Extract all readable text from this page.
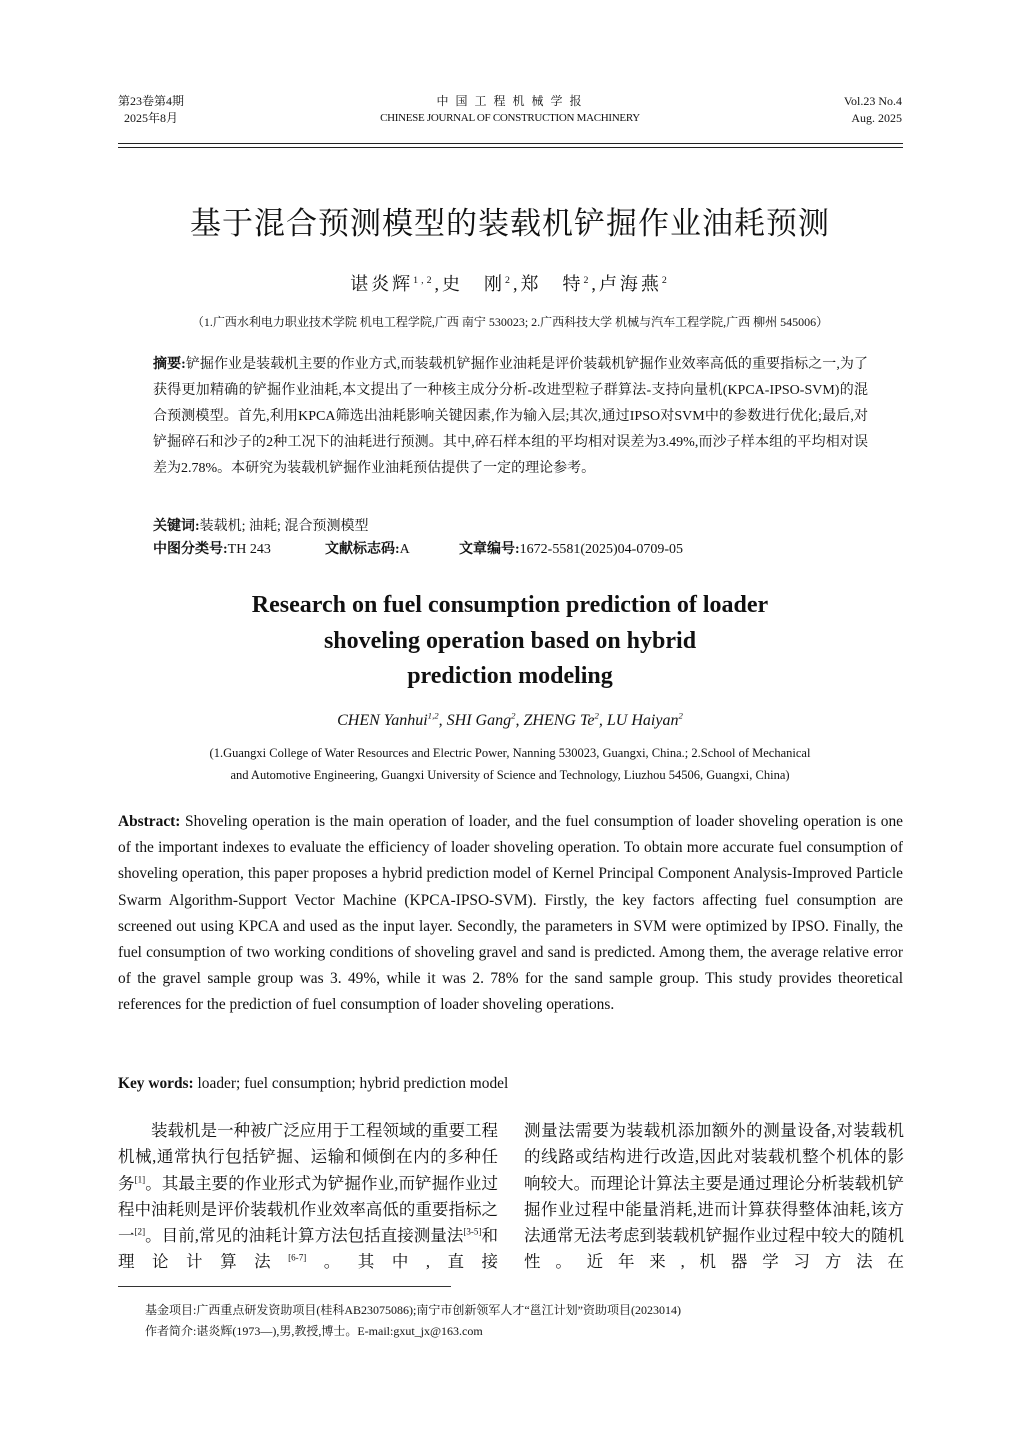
第23卷第4期
2025年8月
中 国 工 程 机 械 学 报
CHINESE JOURNAL OF CONSTRUCTION MACHINERY
Vol.23 No.4
Aug. 2025
基于混合预测模型的装载机铲掘作业油耗预测
谌炎辉$^{1,2}$,史　刚$^2$,郑　特$^2$,卢海燕$^2$
（1.广西水利电力职业技术学院 机电工程学院,广西 南宁 530023; 2.广西科技大学 机械与汽车工程学院,广西 柳州 545006）
摘要:铲掘作业是装载机主要的作业方式,而装载机铲掘作业油耗是评价装载机铲掘作业效率高低的重要指标之一,为了获得更加精确的铲掘作业油耗,本文提出了一种核主成分分析-改进型粒子群算法-支持向量机(KPCA-IPSO-SVM)的混合预测模型。首先,利用KPCA筛选出油耗影响关键因素,作为输入层;其次,通过IPSO对SVM中的参数进行优化;最后,对铲掘碎石和沙子的2种工况下的油耗进行预测。其中,碎石样本组的平均相对误差为3.49%,而沙子样本组的平均相对误差为2.78%。本研究为装载机铲掘作业油耗预估提供了一定的理论参考。
关键词:装载机; 油耗; 混合预测模型
中图分类号:TH 243	文献标志码:A	文章编号:1672-5581(2025)04-0709-05
Research on fuel consumption prediction of loader
shoveling operation based on hybrid
prediction modeling
CHEN Yanhui$^{1,2}$, SHI Gang$^2$, ZHENG Te$^2$, LU Haiyan$^2$
(1.Guangxi College of Water Resources and Electric Power, Nanning 530023, Guangxi, China.; 2.School of Mechanical
and Automotive Engineering, Guangxi University of Science and Technology, Liuzhou 54506, Guangxi, China)
Abstract: Shoveling operation is the main operation of loader, and the fuel consumption of loader shoveling operation is one of the important indexes to evaluate the efficiency of loader shoveling operation. To obtain more accurate fuel consumption of shoveling operation, this paper proposes a hybrid prediction model of Kernel Principal Component Analysis-Improved Particle Swarm Algorithm-Support Vector Machine (KPCA-IPSO-SVM). Firstly, the key factors affecting fuel consumption are screened out using KPCA and used as the input layer. Secondly, the parameters in SVM were optimized by IPSO. Finally, the fuel consumption of two working conditions of shoveling gravel and sand is predicted. Among them, the average relative error of the gravel sample group was 3. 49%, while it was 2. 78% for the sand sample group. This study provides theoretical references for the prediction of fuel consumption of loader shoveling operations.
Key words: loader; fuel consumption; hybrid prediction model
装载机是一种被广泛应用于工程领域的重要工程机械,通常执行包括铲掘、运输和倾倒在内的多种任务[1]。其最主要的作业形式为铲掘作业,而铲掘作业过程中油耗则是评价装载机作业效率高低的重要指标之一[2]。目前,常见的油耗计算方法包括直接测量法[3-5]和理论计算法[6-7]。其中,直接
测量法需要为装载机添加额外的测量设备,对装载机的线路或结构进行改造,因此对装载机整个机体的影响较大。而理论计算法主要是通过理论分析装载机铲掘作业过程中能量消耗,进而计算获得整体油耗,该方法通常无法考虑到装载机铲掘作业过程中较大的随机性。近年来,机器学习方法在
基金项目:广西重点研发资助项目(桂科AB23075086);南宁市创新领军人才“邕江计划”资助项目(2023014)
作者简介:谌炎辉(1973—),男,教授,博士。E-mail:gxut_jx@163.com
